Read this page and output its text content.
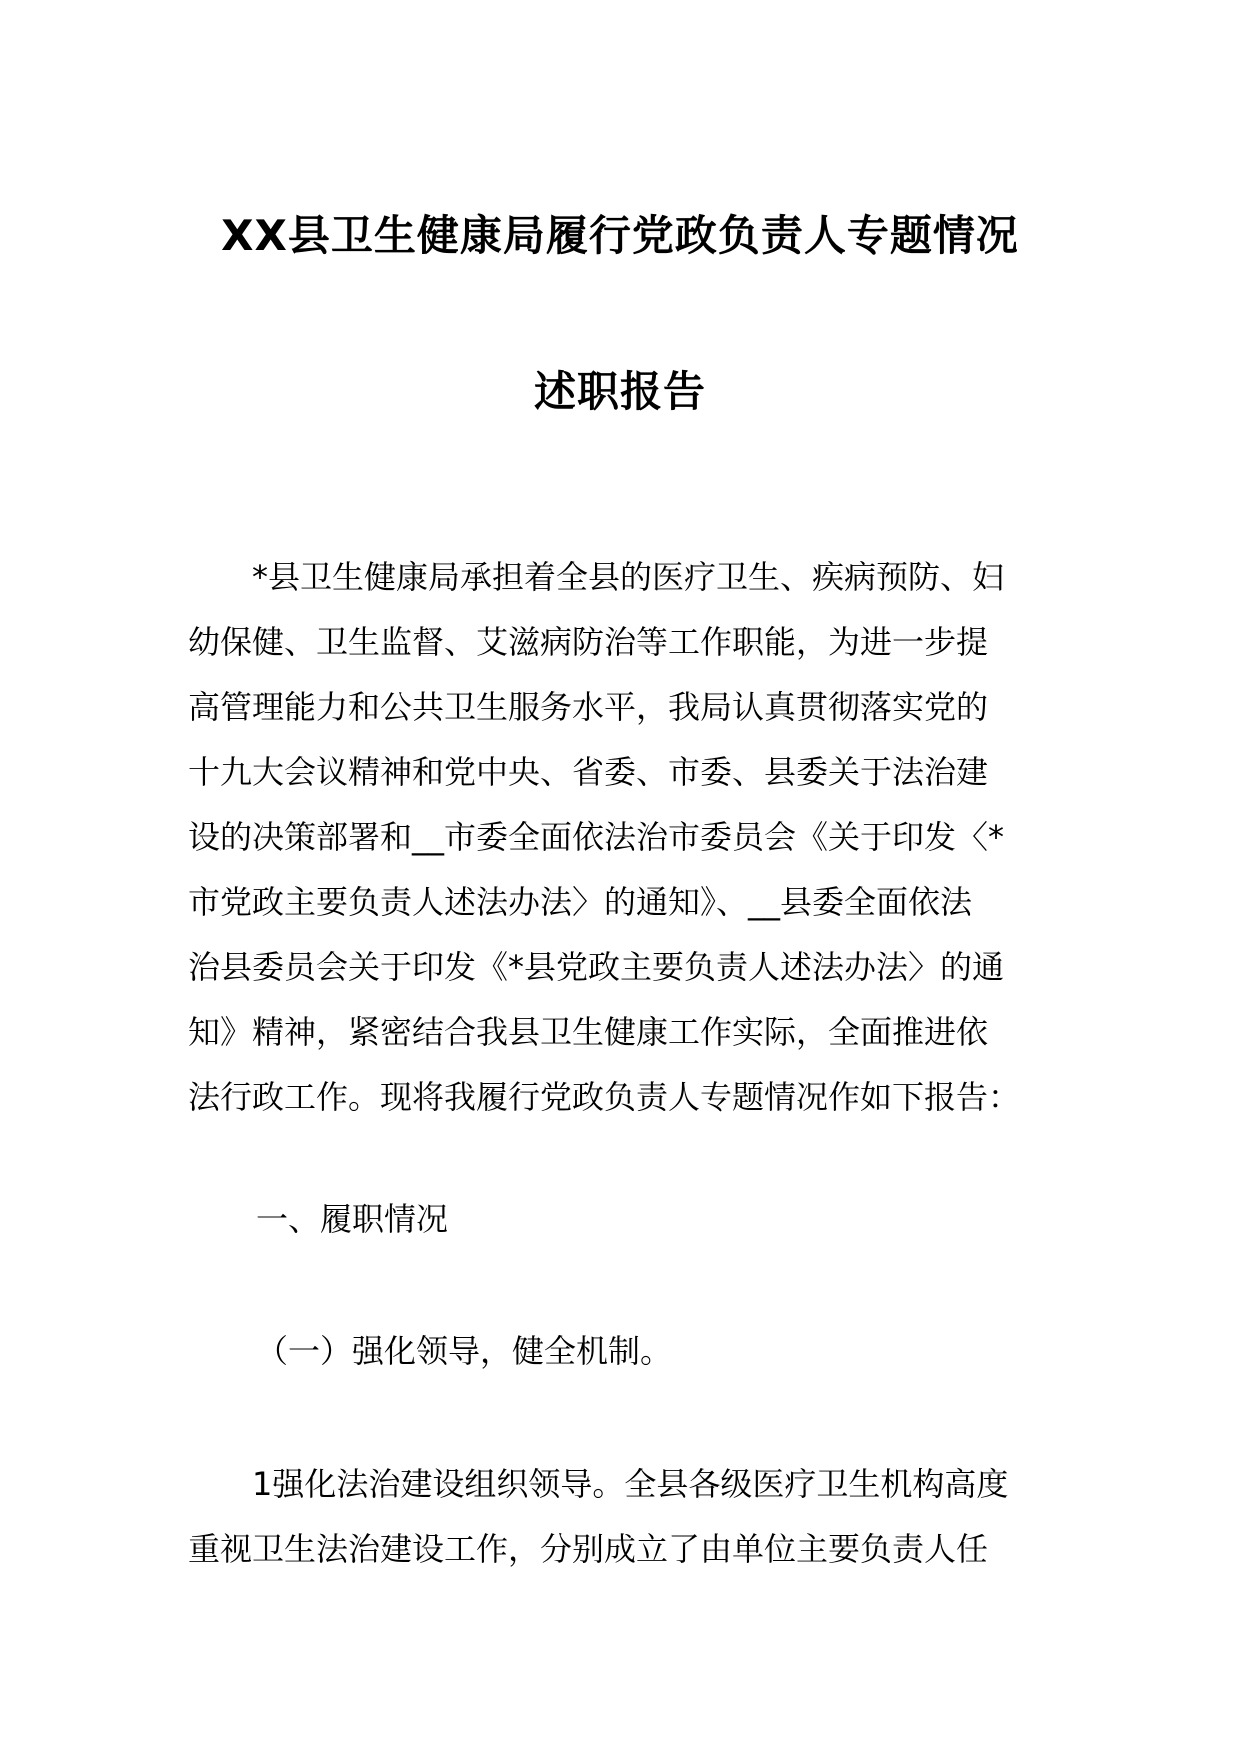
XX县卫生健康局履行党政负责人专题情况
述职报告

　　*县卫生健康局承担着全县的医疗卫生、疾病预防、妇
幼保健、卫生监督、艾滋病防治等工作职能，为进一步提
高管理能力和公共卫生服务水平，我局认真贯彻落实党的
十九大会议精神和党中央、省委、市委、县委关于法治建
设的决策部署和__市委全面依法治市委员会《关于印发〈*
市党政主要负责人述法办法〉的通知》、__县委全面依法
治县委员会关于印发《*县党政主要负责人述法办法〉的通
知》精神，紧密结合我县卫生健康工作实际，全面推进依
法行政工作。现将我履行党政负责人专题情况作如下报告：

一、履职情况
（一）强化领导，健全机制。

　　1强化法治建设组织领导。全县各级医疗卫生机构高度
重视卫生法治建设工作，分别成立了由单位主要负责人任
